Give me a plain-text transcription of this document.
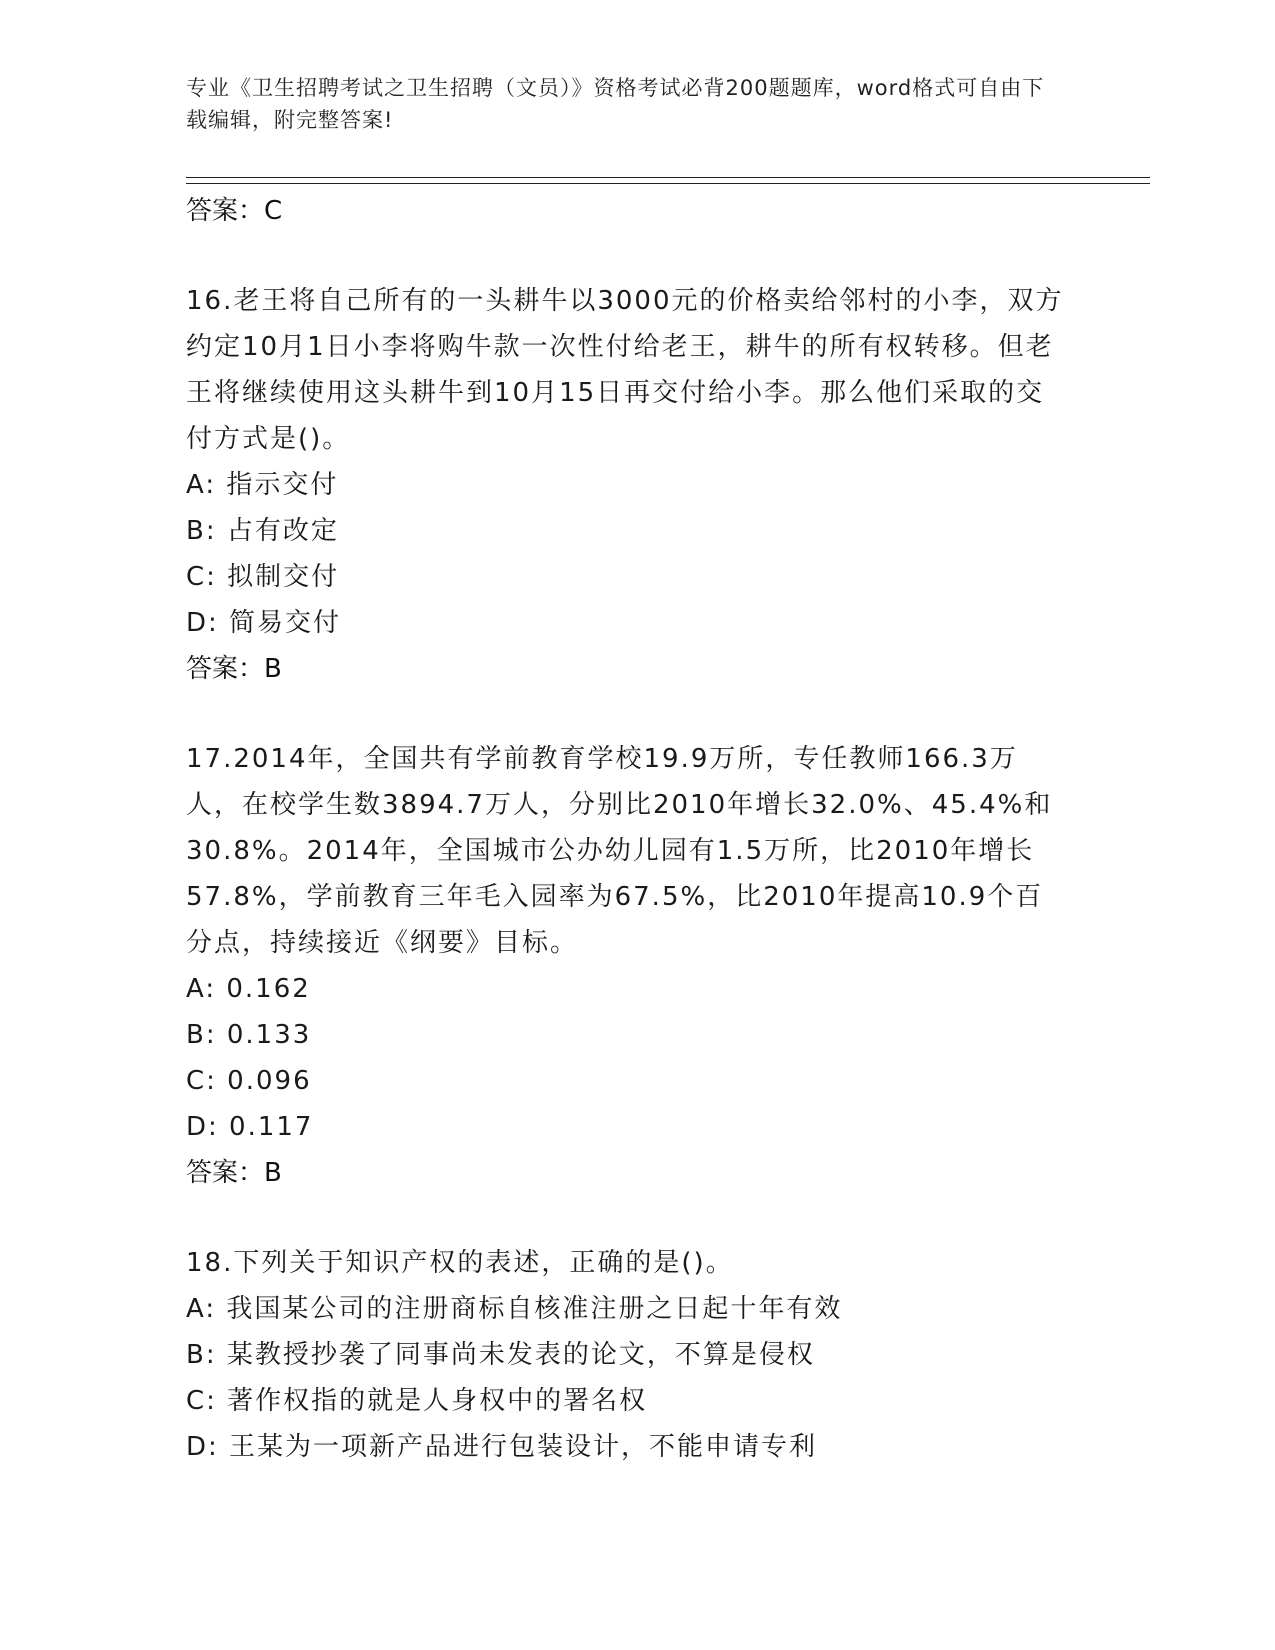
专业《卫生招聘考试之卫生招聘（文员）》资格考试必背200题题库，word格式可自由下载编辑，附完整答案!
答案：C
16.老王将自己所有的一头耕牛以3000元的价格卖给邻村的小李，双方约定10月1日小李将购牛款一次性付给老王，耕牛的所有权转移。但老王将继续使用这头耕牛到10月15日再交付给小李。那么他们采取的交付方式是()。
A: 指示交付
B: 占有改定
C: 拟制交付
D: 简易交付
答案：B
17.2014年，全国共有学前教育学校19.9万所，专任教师166.3万人，在校学生数3894.7万人，分别比2010年增长32.0%、45.4%和30.8%。2014年，全国城市公办幼儿园有1.5万所，比2010年增长57.8%，学前教育三年毛入园率为67.5%，比2010年提高10.9个百分点，持续接近《纲要》目标。
A: 0.162
B: 0.133
C: 0.096
D: 0.117
答案：B
18.下列关于知识产权的表述，正确的是()。
A: 我国某公司的注册商标自核准注册之日起十年有效
B: 某教授抄袭了同事尚未发表的论文，不算是侵权
C: 著作权指的就是人身权中的署名权
D: 王某为一项新产品进行包装设计，不能申请专利
